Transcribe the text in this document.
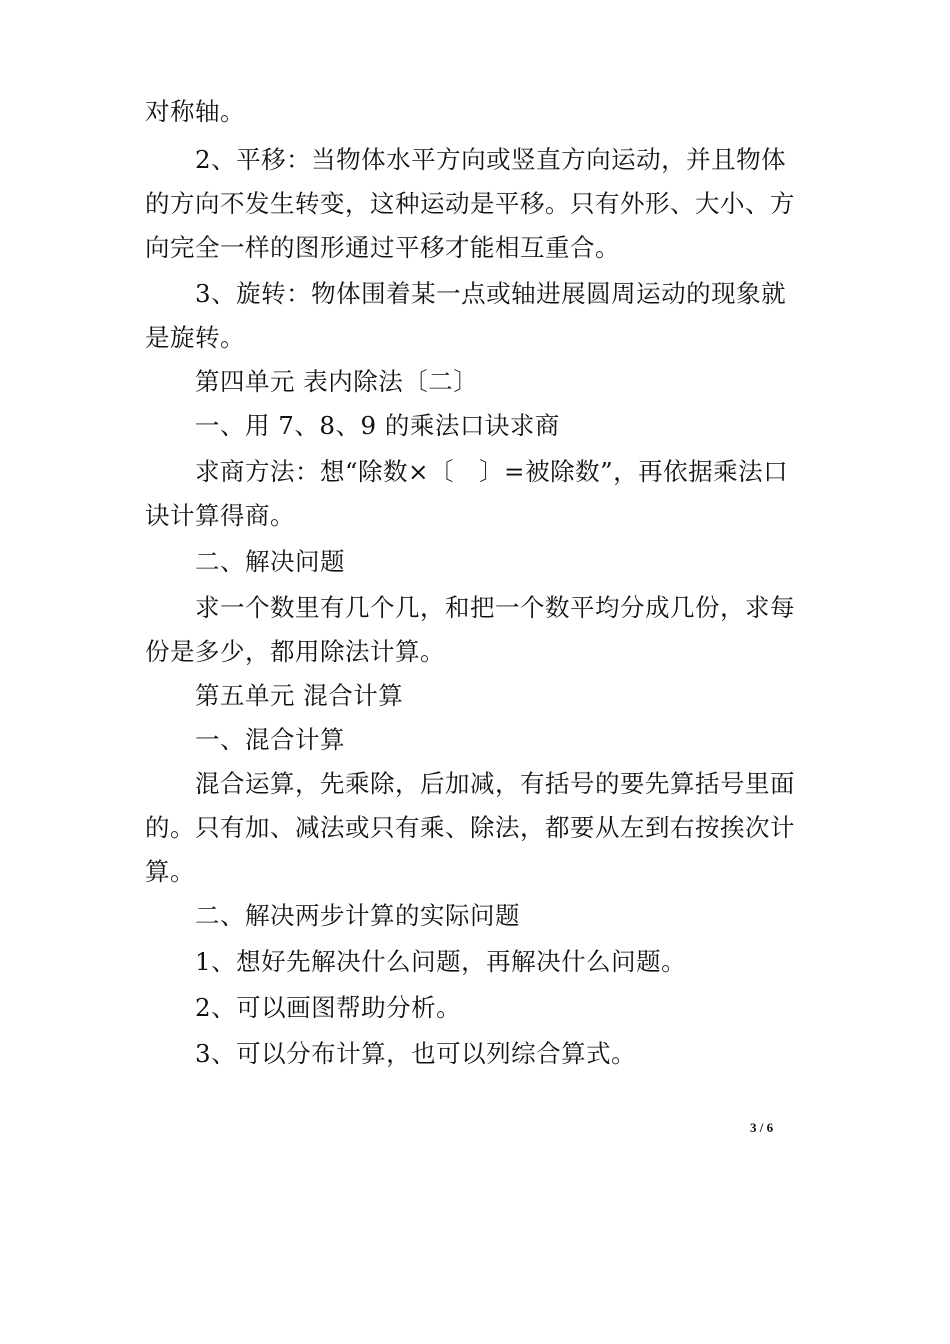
对称轴。
2、平移：当物体水平方向或竖直方向运动，并且物体
的方向不发生转变，这种运动是平移。只有外形、大小、方
向完全一样的图形通过平移才能相互重合。
3、旋转：物体围着某一点或轴进展圆周运动的现象就
是旋转。
第四单元 表内除法〔二〕
一、用 7、8、9 的乘法口诀求商
求商方法：想“除数×〔　〕=被除数”，再依据乘法口
诀计算得商。
二、解决问题
求一个数里有几个几，和把一个数平均分成几份，求每
份是多少，都用除法计算。
第五单元 混合计算
一、混合计算
混合运算，先乘除，后加减，有括号的要先算括号里面
的。只有加、减法或只有乘、除法，都要从左到右按挨次计
算。
二、解决两步计算的实际问题
1、想好先解决什么问题，再解决什么问题。
2、可以画图帮助分析。
3、可以分布计算，也可以列综合算式。
3 / 6
